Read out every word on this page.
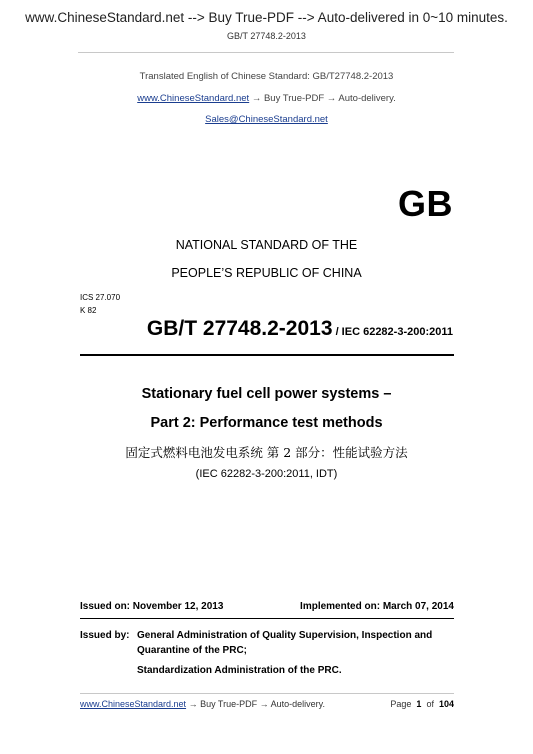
www.ChineseStandard.net --> Buy True-PDF --> Auto-delivered in 0~10 minutes.
GB/T 27748.2-2013
Translated English of Chinese Standard: GB/T27748.2-2013
www.ChineseStandard.net → Buy True-PDF → Auto-delivery.
Sales@ChineseStandard.net
GB
NATIONAL STANDARD OF THE
PEOPLE’S REPUBLIC OF CHINA
ICS 27.070
K 82
GB/T 27748.2-2013 / IEC 62282-3-200:2011
Stationary fuel cell power systems –
Part 2: Performance test methods
固定式燃料电池发电系统 第 2 部分：性能试验方法
(IEC 62282-3-200:2011, IDT)
Issued on: November 12, 2013	Implemented on: March 07, 2014
Issued by: General Administration of Quality Supervision, Inspection and Quarantine of the PRC;
Standardization Administration of the PRC.
www.ChineseStandard.net → Buy True-PDF → Auto-delivery.	Page 1 of 104
